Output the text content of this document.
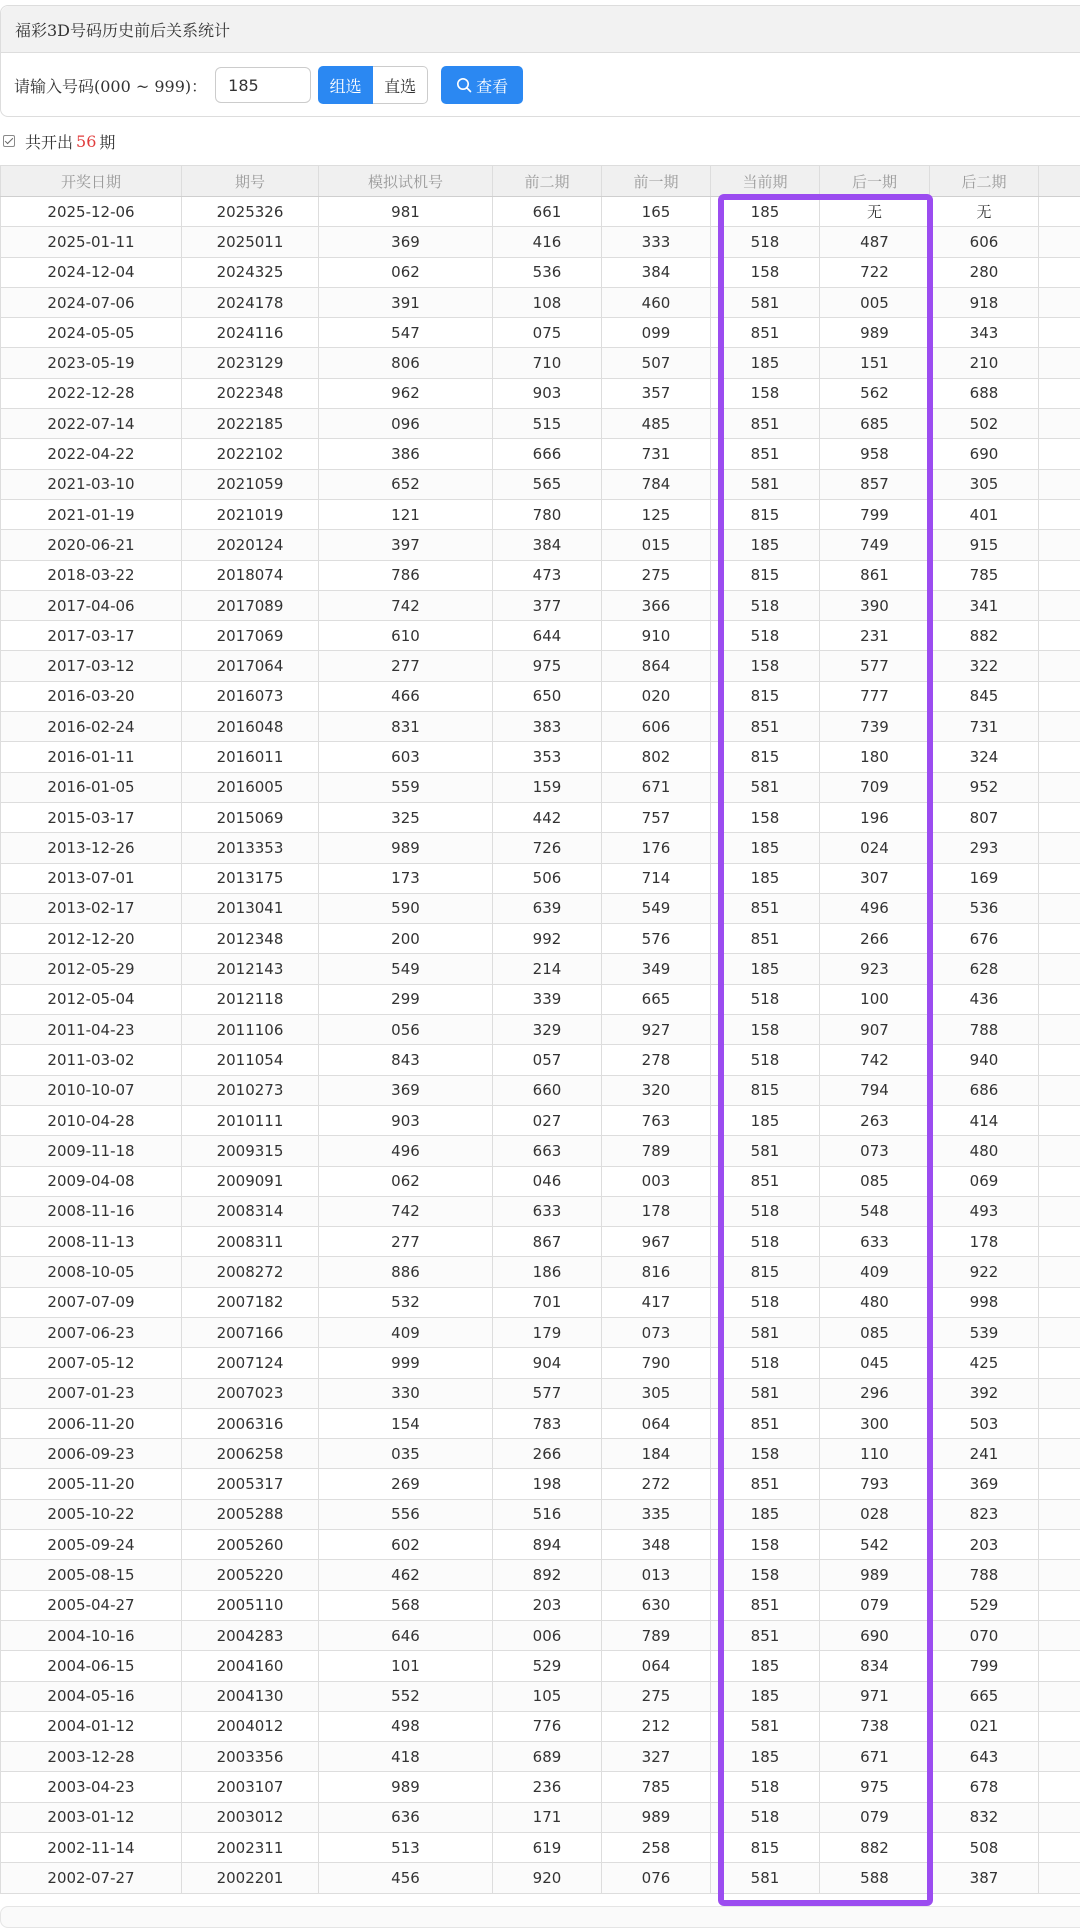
福彩3D号码历史前后关系统计
请输入号码(000 ~ 999)：
185	组选	直选	查看
共开出 56 期
开奖日期	期号	模拟试机号	前二期	前一期	当前期	后一期	后二期	
2025-12-06	2025326	981	661	165	185	无	无	
2025-01-11	2025011	369	416	333	518	487	606	
2024-12-04	2024325	062	536	384	158	722	280	
2024-07-06	2024178	391	108	460	581	005	918	
2024-05-05	2024116	547	075	099	851	989	343	
2023-05-19	2023129	806	710	507	185	151	210	
2022-12-28	2022348	962	903	357	158	562	688	
2022-07-14	2022185	096	515	485	851	685	502	
2022-04-22	2022102	386	666	731	851	958	690	
2021-03-10	2021059	652	565	784	581	857	305	
2021-01-19	2021019	121	780	125	815	799	401	
2020-06-21	2020124	397	384	015	185	749	915	
2018-03-22	2018074	786	473	275	815	861	785	
2017-04-06	2017089	742	377	366	518	390	341	
2017-03-17	2017069	610	644	910	518	231	882	
2017-03-12	2017064	277	975	864	158	577	322	
2016-03-20	2016073	466	650	020	815	777	845	
2016-02-24	2016048	831	383	606	851	739	731	
2016-01-11	2016011	603	353	802	815	180	324	
2016-01-05	2016005	559	159	671	581	709	952	
2015-03-17	2015069	325	442	757	158	196	807	
2013-12-26	2013353	989	726	176	185	024	293	
2013-07-01	2013175	173	506	714	185	307	169	
2013-02-17	2013041	590	639	549	851	496	536	
2012-12-20	2012348	200	992	576	851	266	676	
2012-05-29	2012143	549	214	349	185	923	628	
2012-05-04	2012118	299	339	665	518	100	436	
2011-04-23	2011106	056	329	927	158	907	788	
2011-03-02	2011054	843	057	278	518	742	940	
2010-10-07	2010273	369	660	320	815	794	686	
2010-04-28	2010111	903	027	763	185	263	414	
2009-11-18	2009315	496	663	789	581	073	480	
2009-04-08	2009091	062	046	003	851	085	069	
2008-11-16	2008314	742	633	178	518	548	493	
2008-11-13	2008311	277	867	967	518	633	178	
2008-10-05	2008272	886	186	816	815	409	922	
2007-07-09	2007182	532	701	417	518	480	998	
2007-06-23	2007166	409	179	073	581	085	539	
2007-05-12	2007124	999	904	790	518	045	425	
2007-01-23	2007023	330	577	305	581	296	392	
2006-11-20	2006316	154	783	064	851	300	503	
2006-09-23	2006258	035	266	184	158	110	241	
2005-11-20	2005317	269	198	272	851	793	369	
2005-10-22	2005288	556	516	335	185	028	823	
2005-09-24	2005260	602	894	348	158	542	203	
2005-08-15	2005220	462	892	013	158	989	788	
2005-04-27	2005110	568	203	630	851	079	529	
2004-10-16	2004283	646	006	789	851	690	070	
2004-06-15	2004160	101	529	064	185	834	799	
2004-05-16	2004130	552	105	275	185	971	665	
2004-01-12	2004012	498	776	212	581	738	021	
2003-12-28	2003356	418	689	327	185	671	643	
2003-04-23	2003107	989	236	785	518	975	678	
2003-01-12	2003012	636	171	989	518	079	832	
2002-11-14	2002311	513	619	258	815	882	508	
2002-07-27	2002201	456	920	076	581	588	387	
